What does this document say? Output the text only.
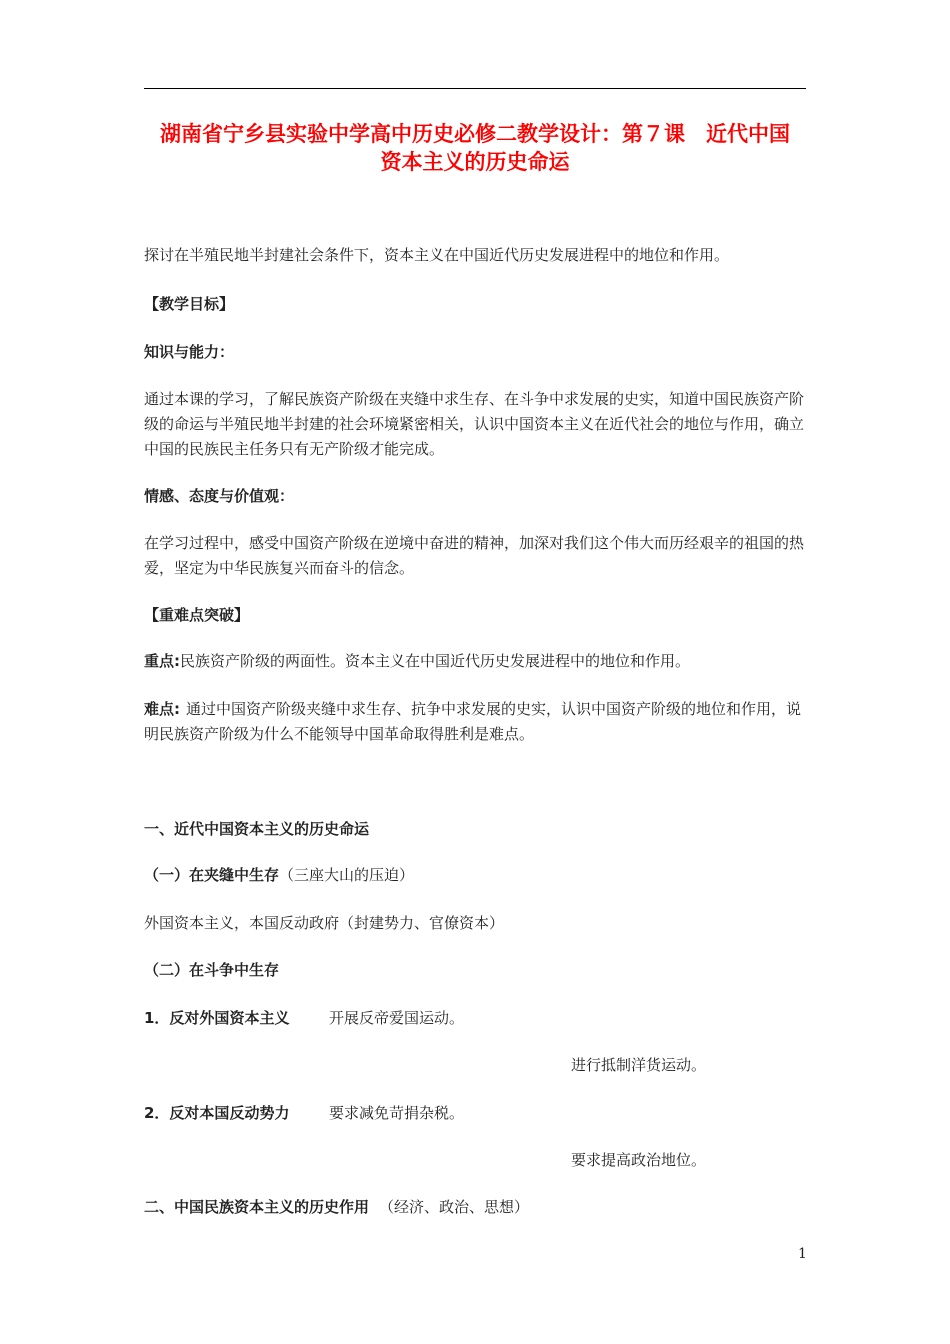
湖南省宁乡县实验中学高中历史必修二教学设计：第７课　近代中国
资本主义的历史命运

探讨在半殖民地半封建社会条件下，资本主义在中国近代历史发展进程中的地位和作用。

【教学目标】

知识与能力：

通过本课的学习，了解民族资产阶级在夹缝中求生存、在斗争中求发展的史实，知道中国民族资产阶级的命运与半殖民地半封建的社会环境紧密相关，认识中国资本主义在近代社会的地位与作用，确立中国的民族民主任务只有无产阶级才能完成。

情感、态度与价值观：

在学习过程中，感受中国资产阶级在逆境中奋进的精神，加深对我们这个伟大而历经艰辛的祖国的热爱，坚定为中华民族复兴而奋斗的信念。

【重难点突破】

重点:民族资产阶级的两面性。资本主义在中国近代历史发展进程中的地位和作用。

难点: 通过中国资产阶级夹缝中求生存、抗争中求发展的史实，认识中国资产阶级的地位和作用，说明民族资产阶级为什么不能领导中国革命取得胜利是难点。

一、近代中国资本主义的历史命运

（一）在夹缝中生存（三座大山的压迫）

外国资本主义，本国反动政府（封建势力、官僚资本）

（二）在斗争中生存

1．反对外国资本主义	开展反帝爱国运动。
进行抵制洋货运动。
2．反对本国反动势力	要求减免苛捐杂税。
要求提高政治地位。

二、中国民族资本主义的历史作用 （经济、政治、思想）

1
